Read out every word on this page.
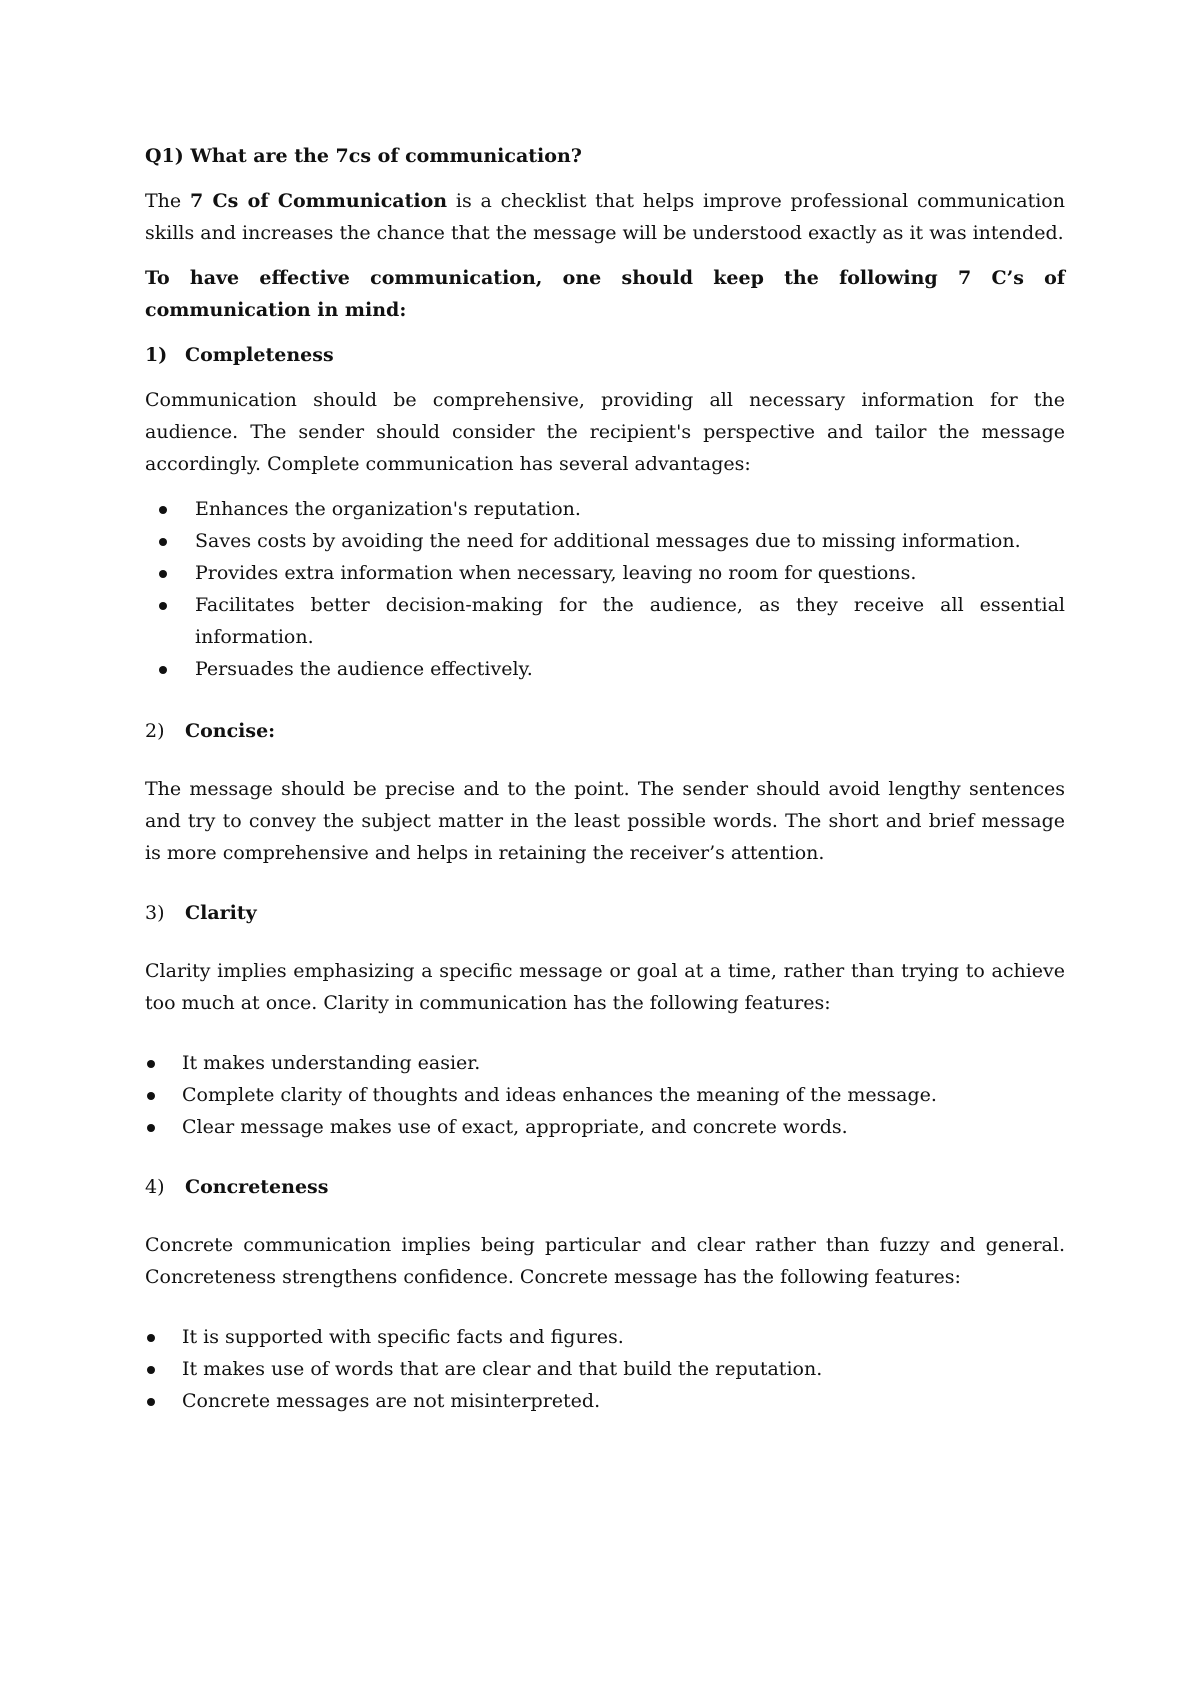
Q1) What are the 7cs of communication?

The 7 Cs of Communication is a checklist that helps improve professional communication skills and increases the chance that the message will be understood exactly as it was intended.

To have effective communication, one should keep the following 7 C’s of communication in mind:

1) Completeness

Communication should be comprehensive, providing all necessary information for the audience. The sender should consider the recipient's perspective and tailor the message accordingly. Complete communication has several advantages:

Enhances the organization's reputation.
Saves costs by avoiding the need for additional messages due to missing information.
Provides extra information when necessary, leaving no room for questions.
Facilitates better decision-making for the audience, as they receive all essential information.
Persuades the audience effectively.
2)	Concise:

The message should be precise and to the point. The sender should avoid lengthy sentences and try to convey the subject matter in the least possible words. The short and brief message is more comprehensive and helps in retaining the receiver’s attention.

3)	Clarity

Clarity implies emphasizing a specific message or goal at a time, rather than trying to achieve too much at once. Clarity in communication has the following features:

It makes understanding easier.
Complete clarity of thoughts and ideas enhances the meaning of the message.
Clear message makes use of exact, appropriate, and concrete words.
4)	Concreteness

Concrete communication implies being particular and clear rather than fuzzy and general. Concreteness strengthens confidence. Concrete message has the following features:

It is supported with specific facts and figures.
It makes use of words that are clear and that build the reputation.
Concrete messages are not misinterpreted.
